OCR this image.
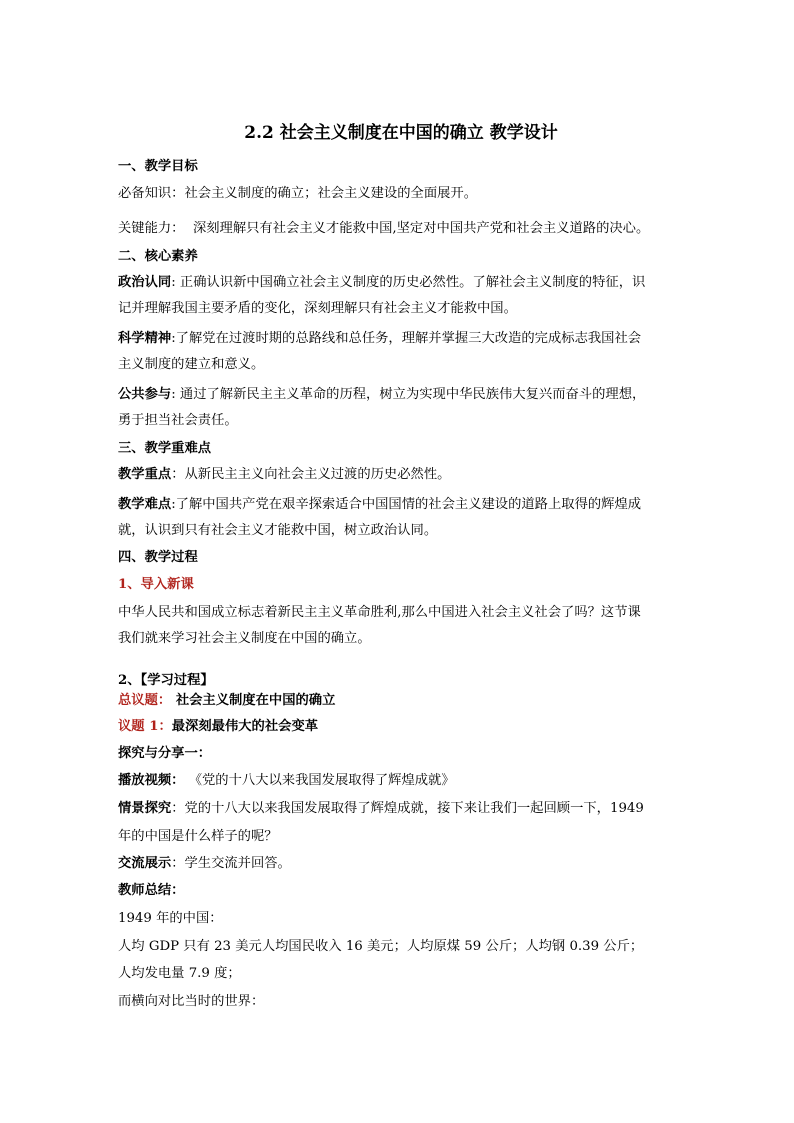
2.2 社会主义制度在中国的确立 教学设计
一、教学目标
必备知识：社会主义制度的确立；社会主义建设的全面展开。
关键能力： 深刻理解只有社会主义才能救中国,坚定对中国共产党和社会主义道路的决心。
二、核心素养
政治认同: 正确认识新中国确立社会主义制度的历史必然性。了解社会主义制度的特征，识
记并理解我国主要矛盾的变化，深刻理解只有社会主义才能救中国。
科学精神:了解党在过渡时期的总路线和总任务，理解并掌握三大改造的完成标志我国社会
主义制度的建立和意义。
公共参与: 通过了解新民主主义革命的历程，树立为实现中华民族伟大复兴而奋斗的理想，
勇于担当社会责任。
三、教学重难点
教学重点：从新民主主义向社会主义过渡的历史必然性。
教学难点:了解中国共产党在艰辛探索适合中国国情的社会主义建设的道路上取得的辉煌成
就，认识到只有社会主义才能救中国，树立政治认同。
四、教学过程
1、导入新课
中华人民共和国成立标志着新民主主义革命胜利,那么中国进入社会主义社会了吗？这节课
我们就来学习社会主义制度在中国的确立。
2、【学习过程】
总议题： 社会主义制度在中国的确立
议题 1：最深刻最伟大的社会变革
探究与分享一：
播放视频： 《党的十八大以来我国发展取得了辉煌成就》
情景探究：党的十八大以来我国发展取得了辉煌成就，接下来让我们一起回顾一下，1949
年的中国是什么样子的呢？
交流展示：学生交流并回答。
教师总结：
1949 年的中国：
人均 GDP 只有 23 美元人均国民收入 16 美元；人均原煤 59 公斤；人均钢 0.39 公斤；
人均发电量 7.9 度；
而横向对比当时的世界：
